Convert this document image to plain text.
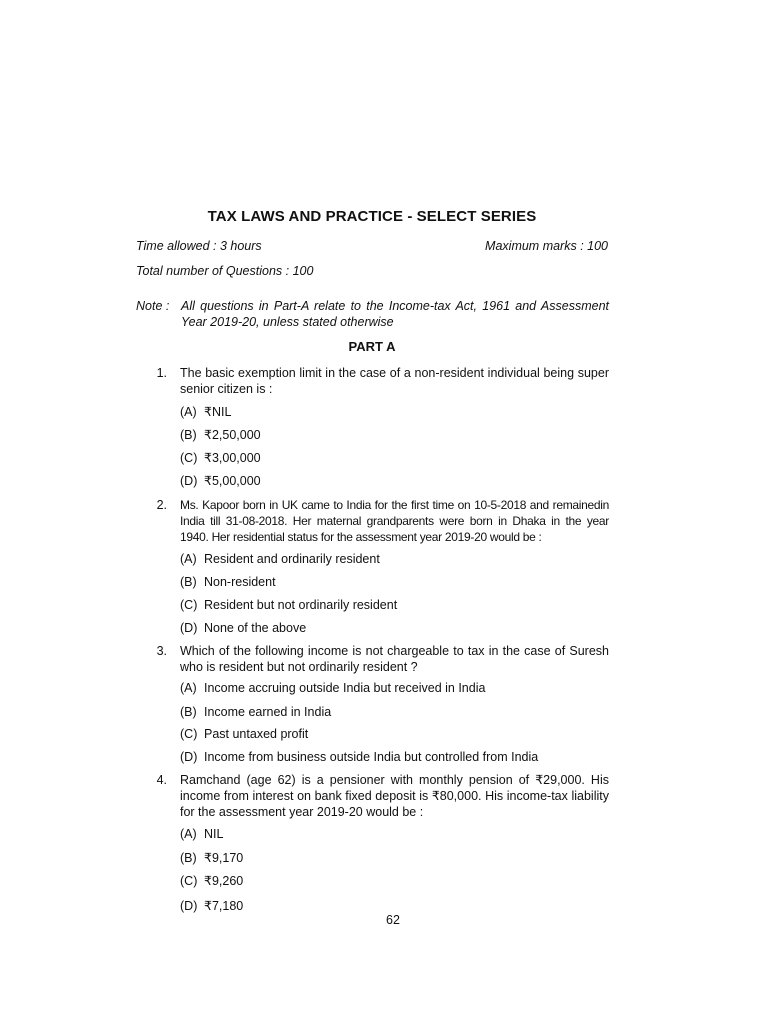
TAX LAWS AND PRACTICE - SELECT SERIES
Time allowed : 3 hours	Maximum marks : 100
Total number of Questions : 100
Note : All questions in Part-A relate to the Income-tax Act, 1961 and Assessment Year 2019-20, unless stated otherwise
PART A
1. The basic exemption limit in the case of a non-resident individual being super senior citizen is :
(A) ₹NIL
(B) ₹2,50,000
(C) ₹3,00,000
(D) ₹5,00,000
2. Ms. Kapoor born in UK came to India for the first time on 10-5-2018 and remainedin India till 31-08-2018. Her maternal grandparents were born in Dhaka in the year 1940. Her residential status for the assessment year 2019-20 would be :
(A) Resident and ordinarily resident
(B) Non-resident
(C) Resident but not ordinarily resident
(D) None of the above
3. Which of the following income is not chargeable to tax in the case of Suresh who is resident but not ordinarily resident ?
(A) Income accruing outside India but received in India
(B) Income earned in India
(C) Past untaxed profit
(D) Income from business outside India but controlled from India
4. Ramchand (age 62) is a pensioner with monthly pension of ₹29,000. His income from interest on bank fixed deposit is ₹80,000. His income-tax liability for the assessment year 2019-20 would be :
(A) NIL
(B) ₹9,170
(C) ₹9,260
(D) ₹7,180
62
